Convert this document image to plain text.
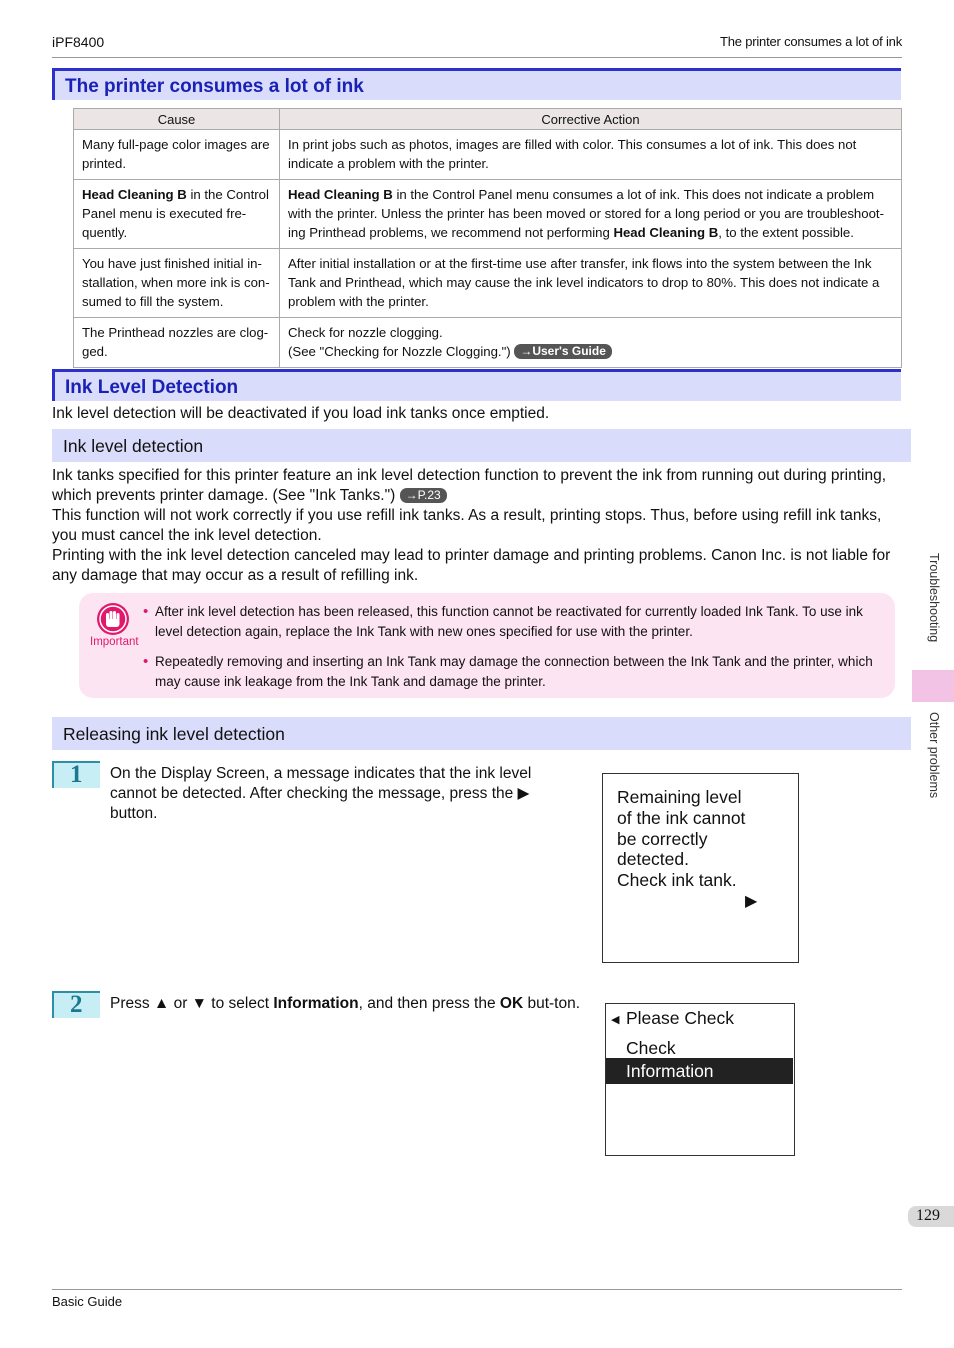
iPF8400	The printer consumes a lot of ink
The printer consumes a lot of ink
Cause	Corrective Action
Many full-page color images are printed.	In print jobs such as photos, images are filled with color. This consumes a lot of ink. This does not indicate a problem with the printer.
Head Cleaning B in the Control Panel menu is executed fre-quently.	Head Cleaning B in the Control Panel menu consumes a lot of ink. This does not indicate a problem with the printer. Unless the printer has been moved or stored for a long period or you are troubleshoot-ing Printhead problems, we recommend not performing Head Cleaning B, to the extent possible.
You have just finished initial in-stallation, when more ink is con-sumed to fill the system.	After initial installation or at the first-time use after transfer, ink flows into the system between the Ink Tank and Printhead, which may cause the ink level indicators to drop to 80%. This does not indicate a problem with the printer.
The Printhead nozzles are clog-ged.	Check for nozzle clogging.
(See "Checking for Nozzle Clogging.") →User's Guide
Ink Level Detection
Ink level detection will be deactivated if you load ink tanks once emptied.
Ink level detection
Ink tanks specified for this printer feature an ink level detection function to prevent the ink from running out during printing, which prevents printer damage. (See "Ink Tanks.") →P.23
This function will not work correctly if you use refill ink tanks. As a result, printing stops. Thus, before using refill ink tanks, you must cancel the ink level detection.
Printing with the ink level detection canceled may lead to printer damage and printing problems. Canon Inc. is not liable for any damage that may occur as a result of refilling ink.
Important
• After ink level detection has been released, this function cannot be reactivated for currently loaded Ink Tank. To use ink level detection again, replace the Ink Tank with new ones specified for use with the printer.
• Repeatedly removing and inserting an Ink Tank may damage the connection between the Ink Tank and the printer, which may cause ink leakage from the Ink Tank and damage the printer.
Releasing ink level detection
1 On the Display Screen, a message indicates that the ink level cannot be detected. After checking the message, press the ▶ button.
Remaining level
of the ink cannot
be correctly
detected.
Check ink tank.
▶
2 Press ▲ or ▼ to select Information, and then press the OK but-ton.
◀ Please Check
Check
Information
Troubleshooting
Other problems
129
Basic Guide
